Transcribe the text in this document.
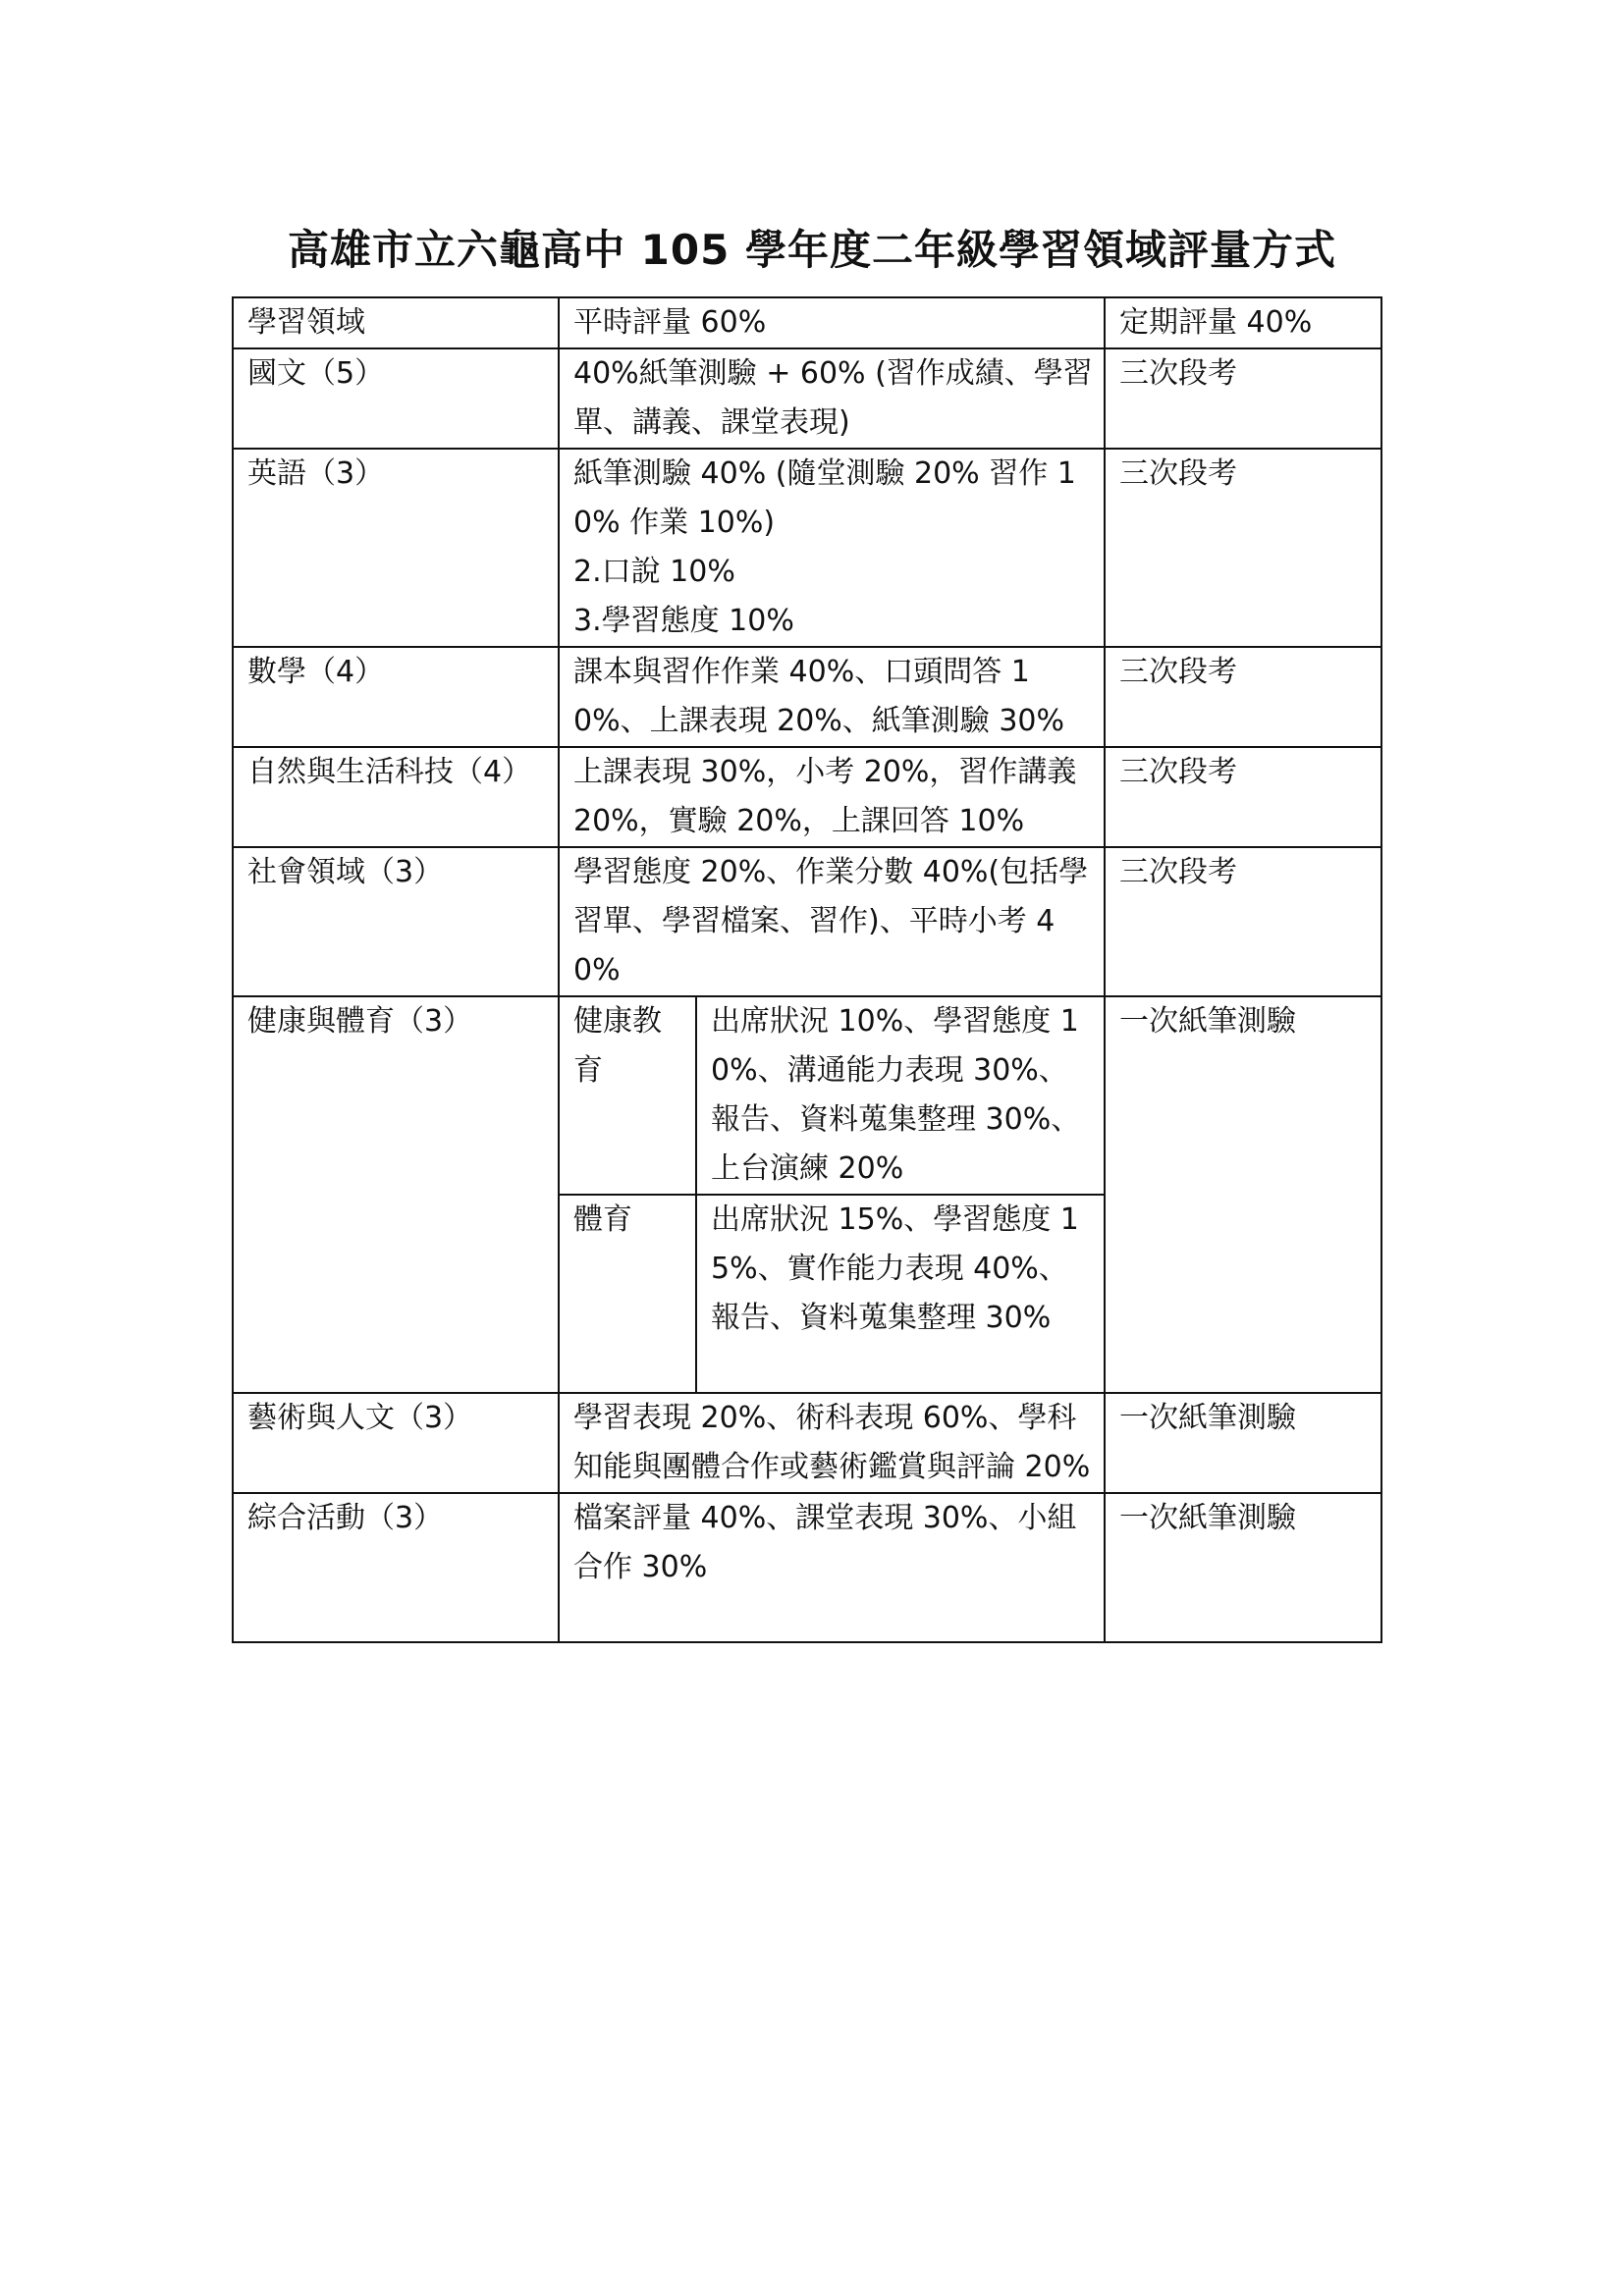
高雄市立六龜高中 105 學年度二年級學習領域評量方式
學習領域	平時評量 60%		定期評量 40%
國文（5）	40%紙筆測驗 + 60% (習作成績、學習單、講義、課堂表現)		三次段考
英語（3）	紙筆測驗 40% (隨堂測驗 20% 習作 10% 作業 10%)
2.口說 10%
3.學習態度 10%		三次段考
數學（4）	課本與習作作業 40%、口頭問答 10%、上課表現 20%、紙筆測驗 30%		三次段考
自然與生活科技（4）	上課表現 30%，小考 20%，習作講義 20%，實驗 20%，上課回答 10%		三次段考
社會領域（3）	學習態度 20%、作業分數 40%(包括學習單、學習檔案、習作)、平時小考 40%		三次段考
健康與體育（3）	健康教育	出席狀況 10%、學習態度 10%、溝通能力表現 30%、報告、資料蒐集整理 30%、上台演練 20%	一次紙筆測驗
	體育	出席狀況 15%、學習態度 15%、實作能力表現 40%、報告、資料蒐集整理 30%	
藝術與人文（3）	學習表現 20%、術科表現 60%、學科知能與團體合作或藝術鑑賞與評論 20%		一次紙筆測驗
綜合活動（3）	檔案評量 40%、課堂表現 30%、小組合作 30%		一次紙筆測驗
